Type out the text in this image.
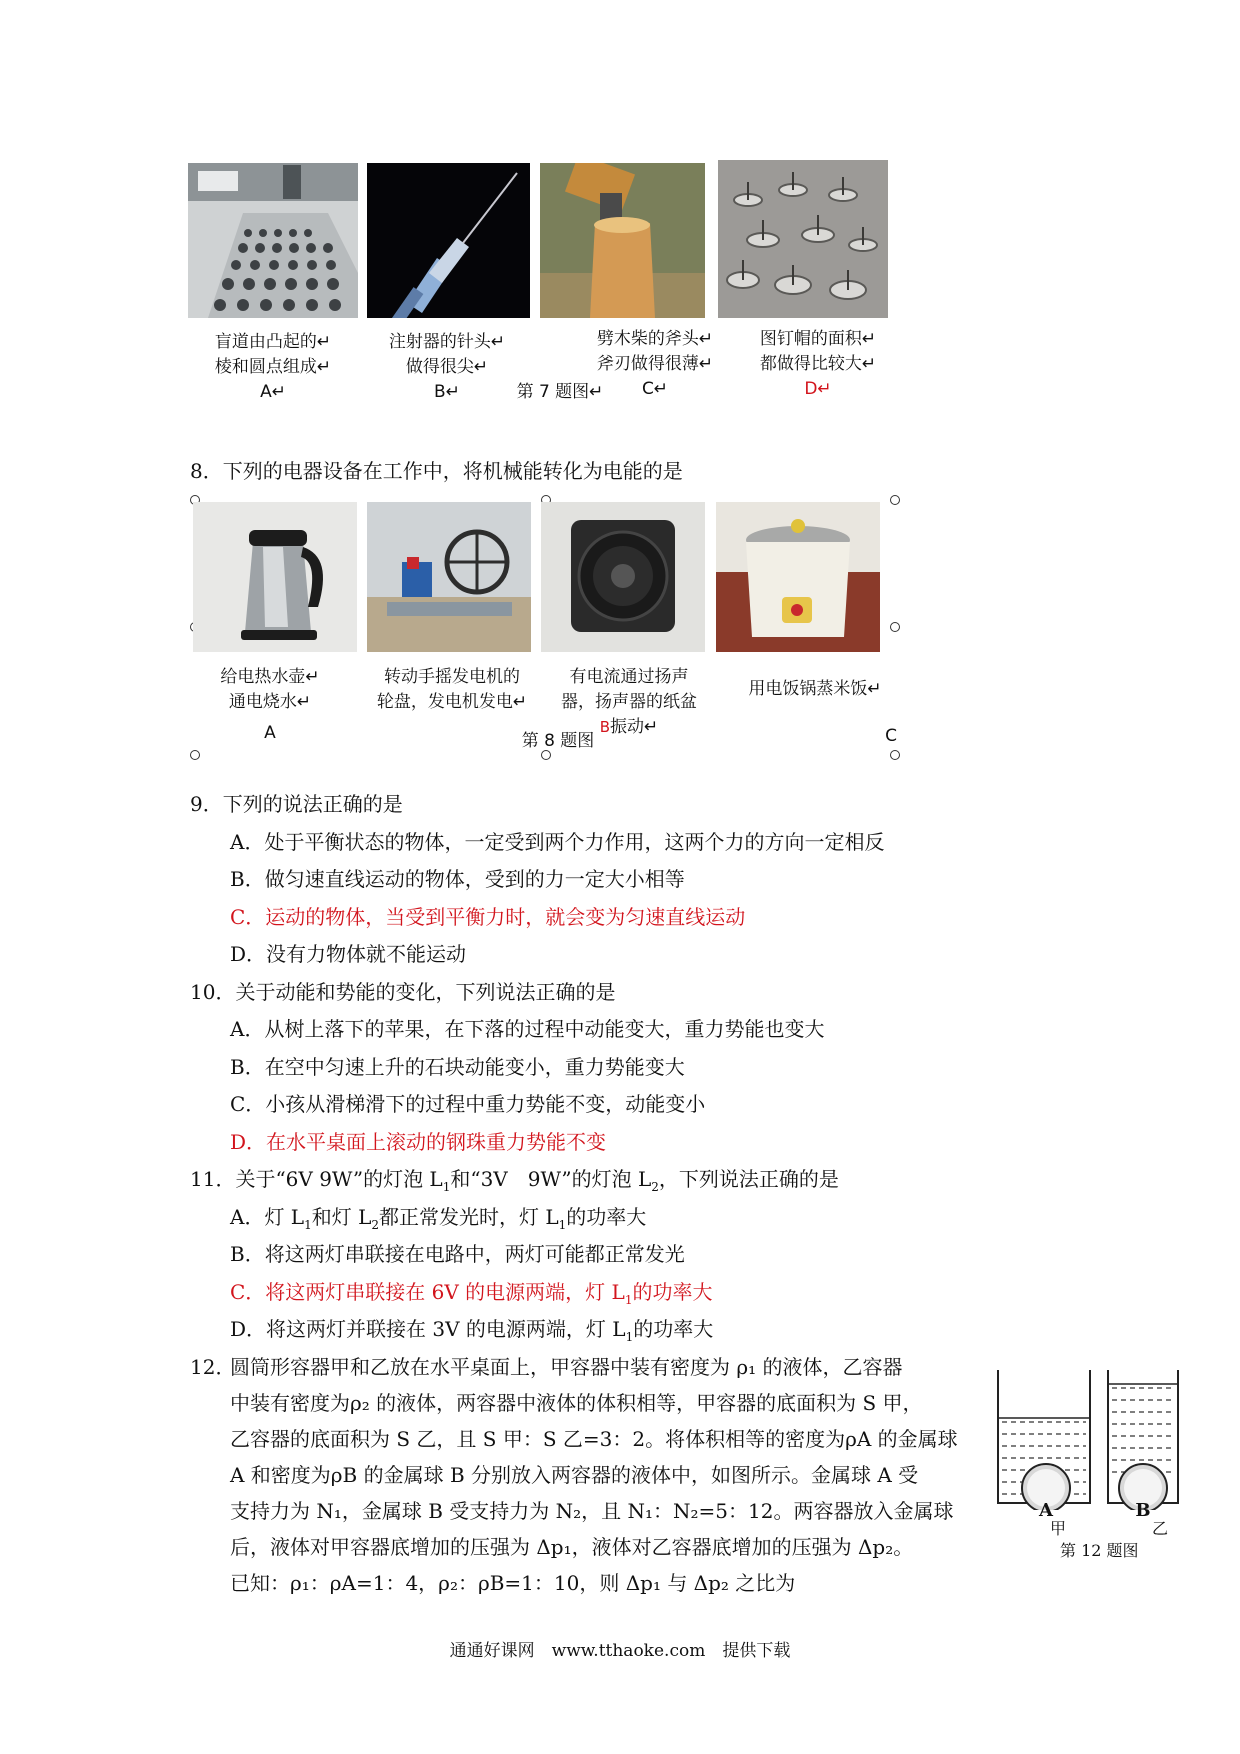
盲道由凸起的↵
棱和圆点组成↵
A↵
注射器的针头↵
做得很尖↵
B↵	第 7 题图↵
劈木柴的斧头↵
斧刃做得很薄↵
C↵
图钉帽的面积↵
都做得比较大↵
D↵
8．下列的电器设备在工作中，将机械能转化为电能的是
给电热水壶↵
通电烧水↵
A
转动手摇发电机的
轮盘，发电机发电↵
第 8 题图
有电流通过扬声
器，扬声器的纸盆
B振动↵
用电饭锅蒸米饭↵
C
9．下列的说法正确的是
A．处于平衡状态的物体，一定受到两个力作用，这两个力的方向一定相反
B．做匀速直线运动的物体，受到的力一定大小相等
C．运动的物体，当受到平衡力时，就会变为匀速直线运动
D．没有力物体就不能运动
10．关于动能和势能的变化，下列说法正确的是
A．从树上落下的苹果，在下落的过程中动能变大，重力势能也变大
B．在空中匀速上升的石块动能变小，重力势能变大
C．小孩从滑梯滑下的过程中重力势能不变，动能变小
D．在水平桌面上滚动的钢珠重力势能不变
11．关于“6V 9W”的灯泡 $L_1$和“3V　9W”的灯泡 $L_2$，下列说法正确的是
A．灯 $L_1$和灯 $L_2$都正常发光时，灯 $L_1$的功率大
B．将这两灯串联接在电路中，两灯可能都正常发光
C．将这两灯串联接在 6V 的电源两端，灯 $L_1$的功率大
D．将这两灯并联接在 3V 的电源两端，灯 $L_1$的功率大
12．
圆筒形容器甲和乙放在水平桌面上，甲容器中装有密度为 ρ₁ 的液体，乙容器
中装有密度为ρ₂ 的液体，两容器中液体的体积相等，甲容器的底面积为 S 甲，
乙容器的底面积为 S 乙，且 S 甲：S 乙=3：2。将体积相等的密度为ρA 的金属球
A 和密度为ρB 的金属球 B 分别放入两容器的液体中，如图所示。金属球 A 受
支持力为 N₁，金属球 B 受支持力为 N₂，且 N₁：N₂=5：12。两容器放入金属球
后，液体对甲容器底增加的压强为 Δp₁，液体对乙容器底增加的压强为 Δp₂。
已知：ρ₁：ρA=1：4，ρ₂：ρB=1：10，则 Δp₁ 与 Δp₂ 之比为
A	B
甲	乙
第 12 题图
通通好课网　www.tthaoke.com　提供下载
